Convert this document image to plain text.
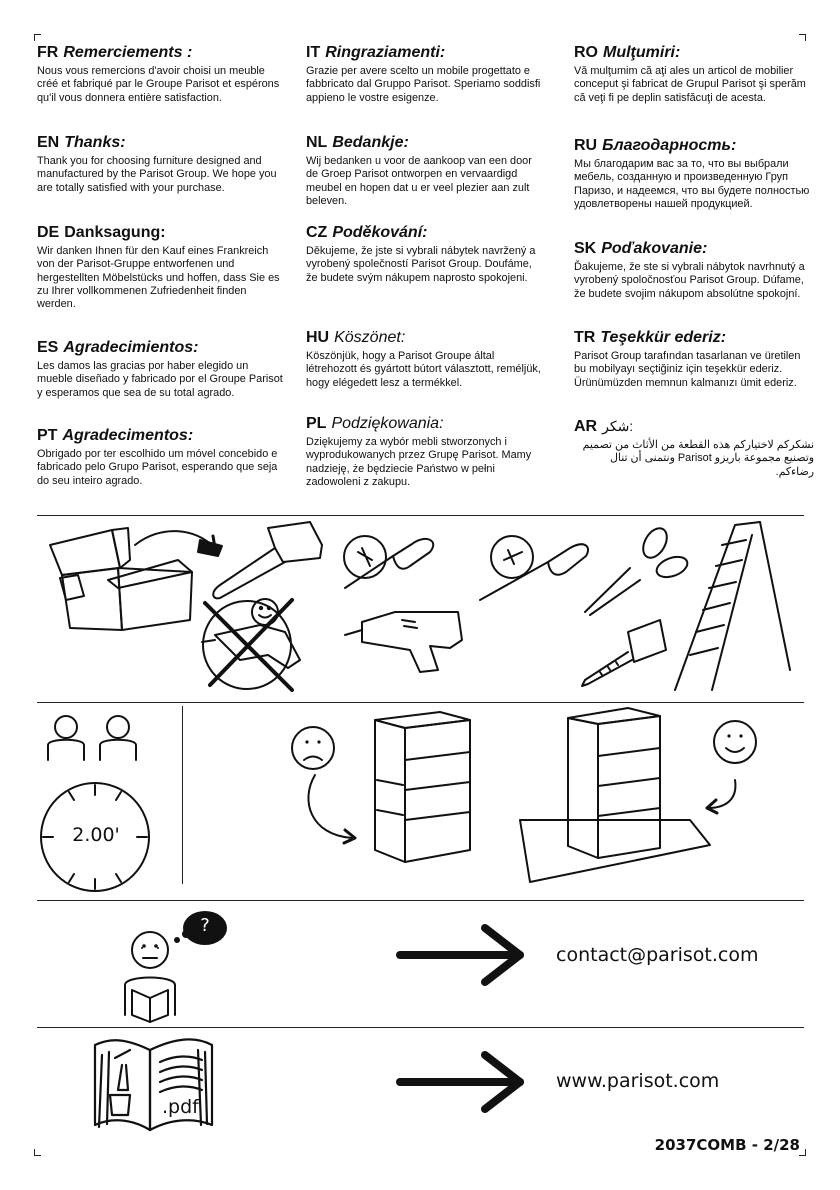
FR Remerciements :

Nous vous remercions d'avoir choisi un meuble créé et fabriqué par le Groupe Parisot et espérons qu'il vous donnera entière satisfaction.

EN Thanks:

Thank you for choosing furniture designed and manufactured by the Parisot Group. We hope you are totally satisfied with your purchase.

DE Danksagung:

Wir danken Ihnen für den Kauf eines Frankreich von der Parisot-Gruppe entworfenen und hergestellten Möbelstücks und hoffen, dass Sie es zu Ihrer vollkommenen Zufriedenheit finden werden.

ES Agradecimientos:

Les damos las gracias por haber elegido un mueble diseñado y fabricado por el Groupe Parisot y esperamos que sea de su total agrado.

PT Agradecimentos:

Obrigado por ter escolhido um móvel concebido e fabricado pelo Grupo Parisot, esperando que seja do seu inteiro agrado.

IT Ringraziamenti:

Grazie per avere scelto un mobile progettato e fabbricato dal Gruppo Parisot. Speriamo soddisfi appieno le vostre esigenze.

NL Bedankje:

Wij bedanken u voor de aankoop van een door de Groep Parisot ontworpen en vervaardigd meubel en hopen dat u er veel plezier aan zult beleven.

CZ Poděkování:

Děkujeme, že jste si vybrali nábytek navržený a vyrobený společností Parisot Group. Doufáme, že budete svým nákupem naprosto spokojeni.

HU Köszönet:

Köszönjük, hogy a Parisot Groupe által létrehozott és gyártott bútort választott, reméljük, hogy elégedett lesz a termékkel.

PL Podziękowania:

Dziękujemy za wybór mebli stworzonych i wyprodukowanych przez Grupę Parisot. Mamy nadzieję, że będziecie Państwo w pełni zadowoleni z zakupu.

RO Mulţumiri:

Vă mulţumim că aţi ales un articol de mobilier conceput şi fabricat de Grupul Parisot şi sperăm că veţi fi pe deplin satisfăcuţi de acesta.

RU Благодарность:

Мы благодарим вас за то, что вы выбрали мебель, созданную и произведенную Груп Паризо, и надеемся, что вы будете полностью удовлетворены нашей продукцией.

SK Poďakovanie:

Ďakujeme, že ste si vybrali nábytok navrhnutý a vyrobený spoločnosťou Parisot Group. Dúfame, že budete svojim nákupom absolútne spokojní.

TR Teşekkür ederiz:

Parisot Group tarafından tasarlanan ve üretilen bu mobilyayı seçtiğiniz için teşekkür ederiz. Ürünümüzden memnun kalmanızı ümit ederiz.

AR شكر:

نشكركم لاختياركم هذه القطعة من الأثاث من تصميم وتصنيع مجموعة باريزو Parisot ونتمنى أن تنال رضاءكم.

2.00'
?
contact@parisot.com
.pdf
www.parisot.com
2037COMB - 2/28
